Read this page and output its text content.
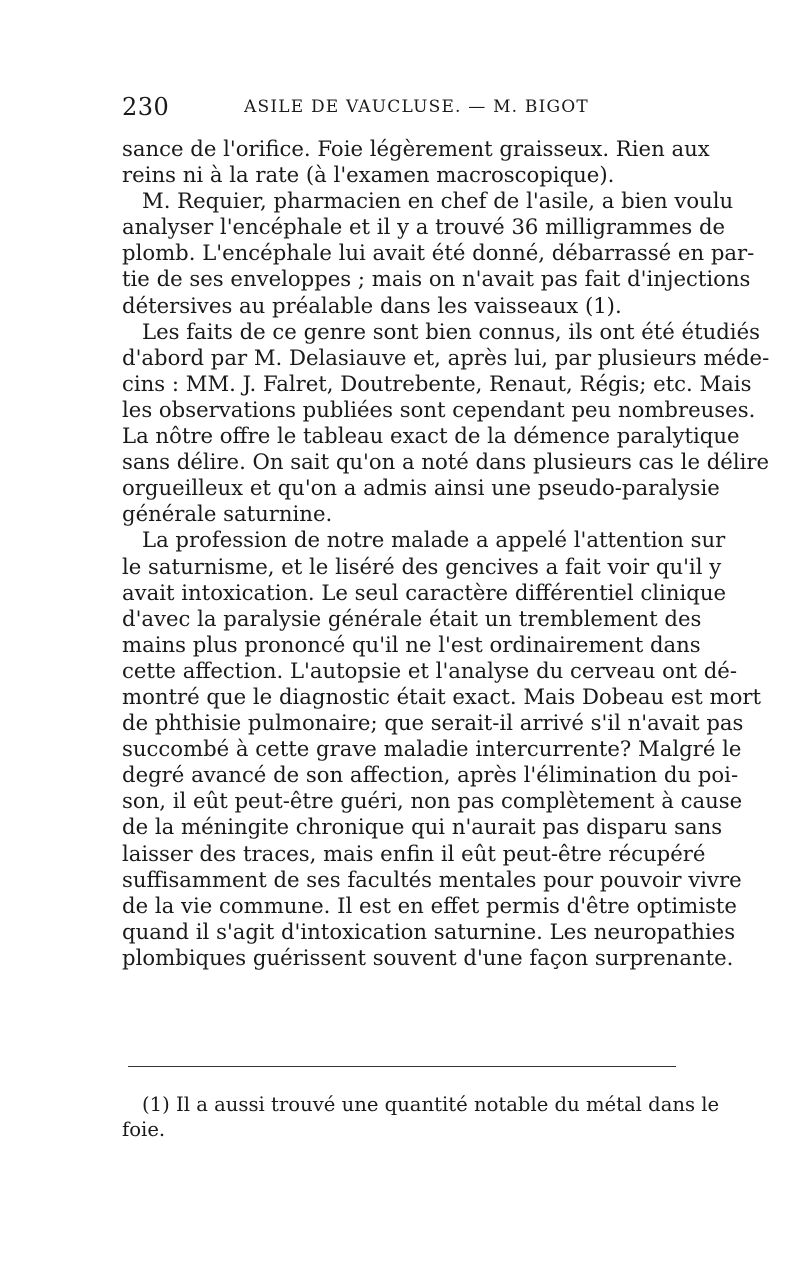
230	ASILE DE VAUCLUSE. — M. BIGOT
sance de l'orifice. Foie légèrement graisseux. Rien aux
reins ni à la rate (à l'examen macroscopique).
M. Requier, pharmacien en chef de l'asile, a bien voulu
analyser l'encéphale et il y a trouvé 36 milligrammes de
plomb. L'encéphale lui avait été donné, débarrassé en par-
tie de ses enveloppes ; mais on n'avait pas fait d'injections
détersives au préalable dans les vaisseaux (1).
Les faits de ce genre sont bien connus, ils ont été étudiés
d'abord par M. Delasiauve et, après lui, par plusieurs méde-
cins : MM. J. Falret, Doutrebente, Renaut, Régis; etc. Mais
les observations publiées sont cependant peu nombreuses.
La nôtre offre le tableau exact de la démence paralytique
sans délire. On sait qu'on a noté dans plusieurs cas le délire
orgueilleux et qu'on a admis ainsi une pseudo-paralysie
générale saturnine.
La profession de notre malade a appelé l'attention sur
le saturnisme, et le liséré des gencives a fait voir qu'il y
avait intoxication. Le seul caractère différentiel clinique
d'avec la paralysie générale était un tremblement des
mains plus prononcé qu'il ne l'est ordinairement dans
cette affection. L'autopsie et l'analyse du cerveau ont dé-
montré que le diagnostic était exact. Mais Dobeau est mort
de phthisie pulmonaire; que serait-il arrivé s'il n'avait pas
succombé à cette grave maladie intercurrente? Malgré le
degré avancé de son affection, après l'élimination du poi-
son, il eût peut-être guéri, non pas complètement à cause
de la méningite chronique qui n'aurait pas disparu sans
laisser des traces, mais enfin il eût peut-être récupéré
suffisamment de ses facultés mentales pour pouvoir vivre
de la vie commune. Il est en effet permis d'être optimiste
quand il s'agit d'intoxication saturnine. Les neuropathies
plombiques guérissent souvent d'une façon surprenante.
(1) Il a aussi trouvé une quantité notable du métal dans le
foie.
